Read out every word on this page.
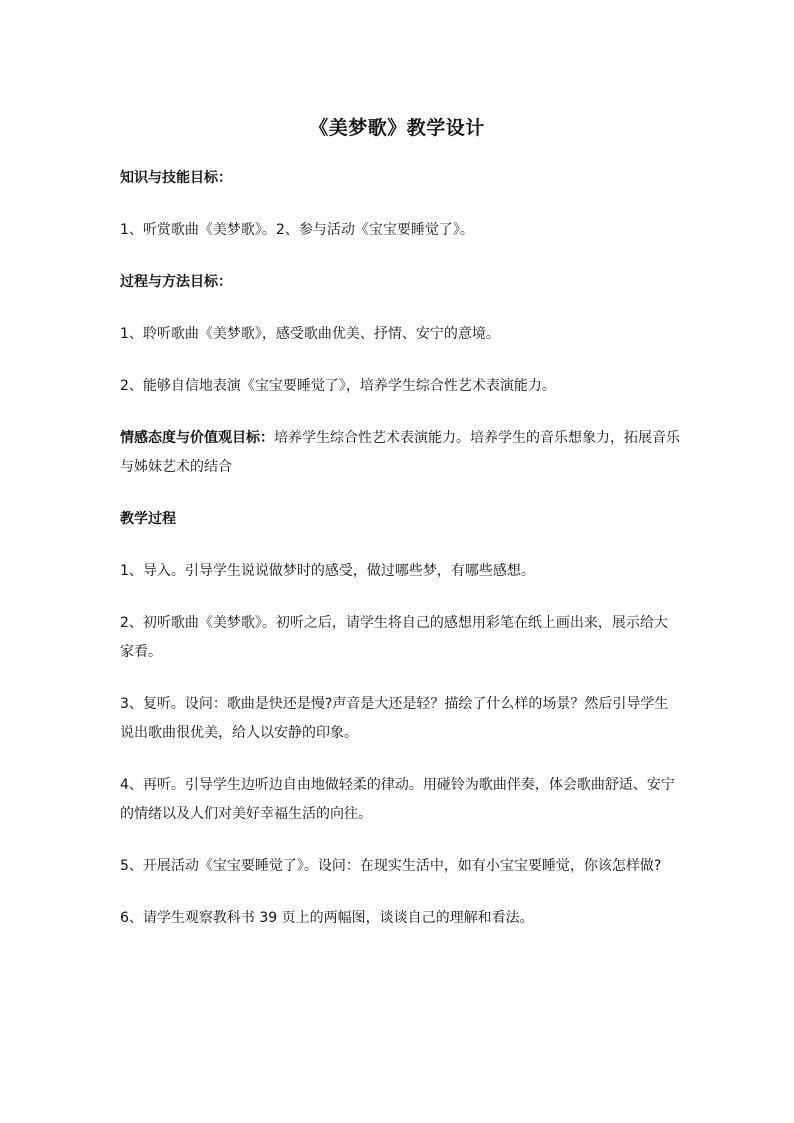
《美梦歌》教学设计

知识与技能目标：

1、听赏歌曲《美梦歌》。2、参与活动《宝宝要睡觉了》。

过程与方法目标：

1、聆听歌曲《美梦歌》，感受歌曲优美、抒情、安宁的意境。

2、能够自信地表演《宝宝要睡觉了》，培养学生综合性艺术表演能力。

情感态度与价值观目标：培养学生综合性艺术表演能力。培养学生的音乐想象力，拓展音乐与姊妹艺术的结合

教学过程

1、导入。引导学生说说做梦时的感受，做过哪些梦，有哪些感想。

2、初听歌曲《美梦歌》。初听之后，请学生将自己的感想用彩笔在纸上画出来，展示给大家看。

3、复听。设问：歌曲是快还是慢?声音是大还是轻？描绘了什么样的场景？然后引导学生说出歌曲很优美，给人以安静的印象。

4、再听。引导学生边听边自由地做轻柔的律动。用碰铃为歌曲伴奏，体会歌曲舒适、安宁的情绪以及人们对美好幸福生活的向往。

5、开展活动《宝宝要睡觉了》。设问：在现实生活中，如有小宝宝要睡觉，你该怎样做?

6、请学生观察教科书 39 页上的两幅图，谈谈自己的理解和看法。
